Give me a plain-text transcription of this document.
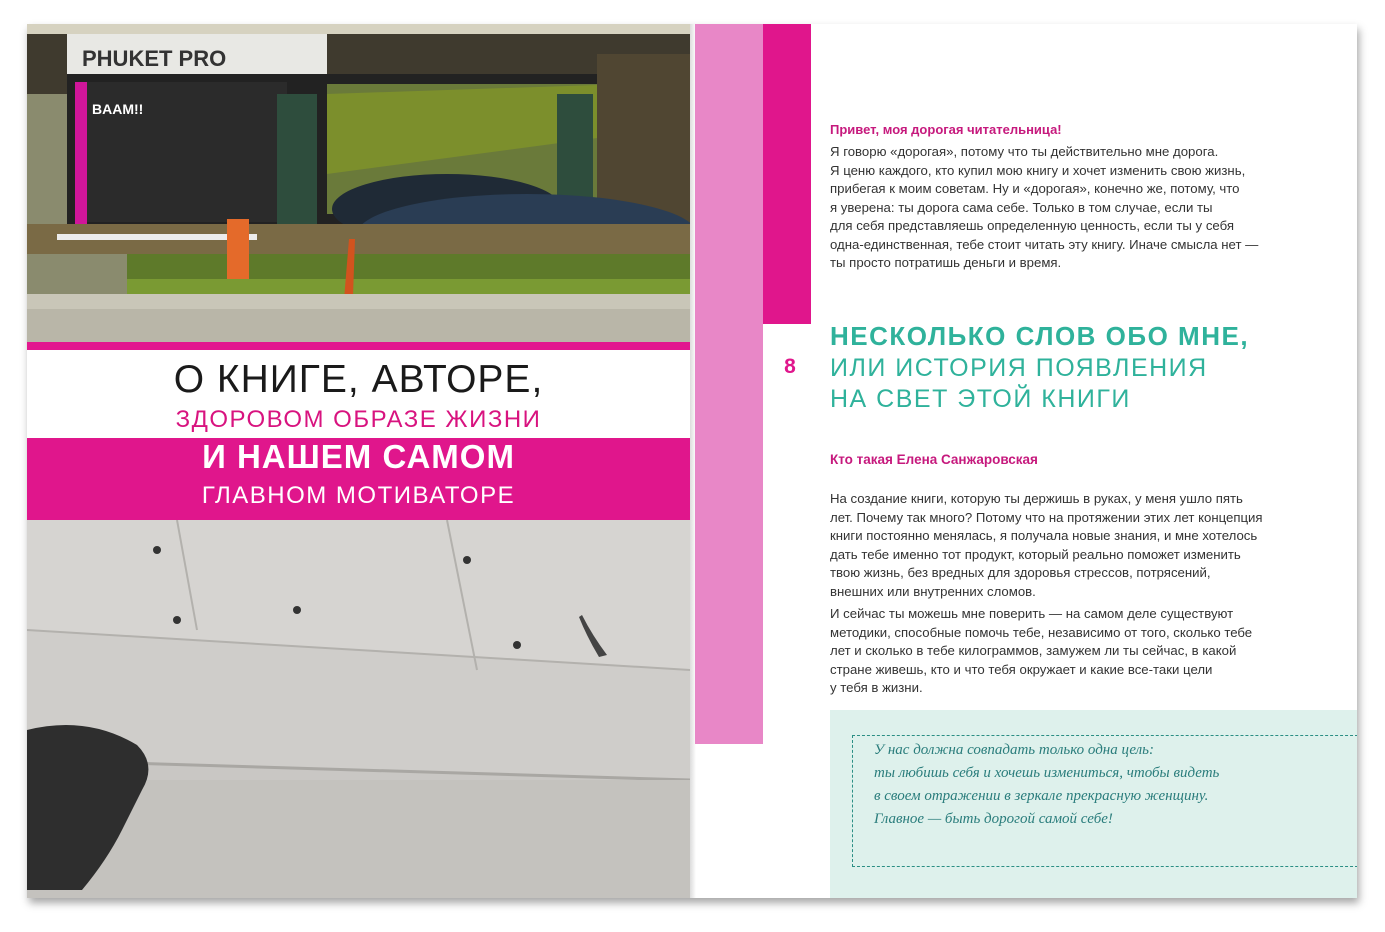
PHUKET PRO
BAAM!!
О КНИГЕ, АВТОРЕ,
ЗДОРОВОМ ОБРАЗЕ ЖИЗНИ
И НАШЕМ САМОМ
ГЛАВНОМ МОТИВАТОРЕ
8
Привет, моя дорогая читательница!
Я говорю «дорогая», потому что ты действительно мне дорога.
Я ценю каждого, кто купил мою книгу и хочет изменить свою жизнь,
прибегая к моим советам. Ну и «дорогая», конечно же, потому, что
я уверена: ты дорога сама себе. Только в том случае, если ты
для себя представляешь определенную ценность, если ты у себя
одна-единственная, тебе стоит читать эту книгу. Иначе смысла нет —
ты просто потратишь деньги и время.
НЕСКОЛЬКО СЛОВ ОБО МНЕ,
ИЛИ ИСТОРИЯ ПОЯВЛЕНИЯ
НА СВЕТ ЭТОЙ КНИГИ
Кто такая Елена Санжаровская
На создание книги, которую ты держишь в руках, у меня ушло пять
лет. Почему так много? Потому что на протяжении этих лет концепция
книги постоянно менялась, я получала новые знания, и мне хотелось
дать тебе именно тот продукт, который реально поможет изменить
твою жизнь, без вредных для здоровья стрессов, потрясений,
внешних или внутренних сломов.
И сейчас ты можешь мне поверить — на самом деле существуют
методики, способные помочь тебе, независимо от того, сколько тебе
лет и сколько в тебе килограммов, замужем ли ты сейчас, в какой
стране живешь, кто и что тебя окружает и какие все-таки цели
у тебя в жизни.
У нас должна совпадать только одна цель:
ты любишь себя и хочешь измениться, чтобы видеть
в своем отражении в зеркале прекрасную женщину.
Главное — быть дорогой самой себе!
